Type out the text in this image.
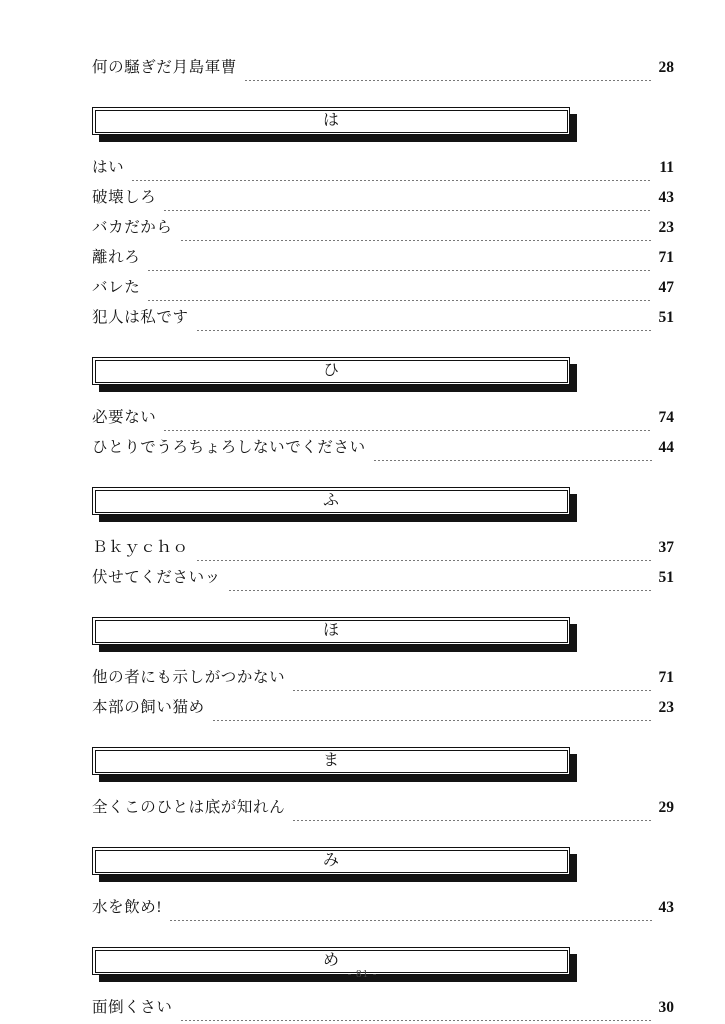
何の騒ぎだ月島軍曹	28
は
はい	11
破壊しろ	43
バカだから	23
離れろ	71
バレた	47
犯人は私です	51
ひ
必要ない	74
ひとりでうろちょろしないでください	44
ふ
Ｂｋｙｃｈｏ	37
伏せてくださいッ	51
ほ
他の者にも示しがつかない	71
本部の飼い猫め	23
ま
全くこのひとは底が知れん	29
み
水を飲め!	43
め
面倒くさい	30
- 81 -
